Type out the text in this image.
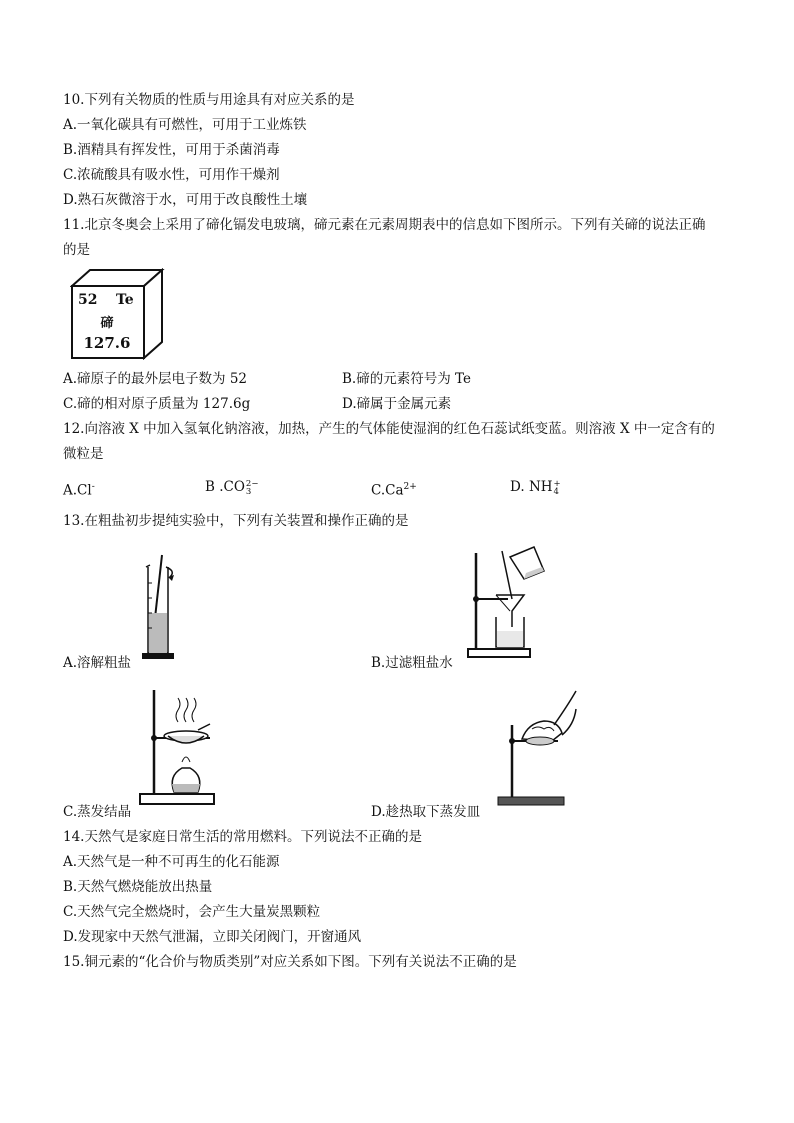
10.下列有关物质的性质与用途具有对应关系的是
A.一氧化碳具有可燃性，可用于工业炼铁
B.酒精具有挥发性，可用于杀菌消毒
C.浓硫酸具有吸水性，可用作干燥剂
D.熟石灰微溶于水，可用于改良酸性土壤
11.北京冬奥会上采用了碲化镉发电玻璃，碲元素在元素周期表中的信息如下图所示。下列有关碲的说法正确
的是
52 Te
碲
127.6
A.碲原子的最外层电子数为 52	B.碲的元素符号为 Te
C.碲的相对原子质量为 127.6g	D.碲属于金属元素
12.向溶液 X 中加入氢氧化钠溶液，加热，产生的气体能使湿润的红色石蕊试纸变蓝。则溶液 X 中一定含有的
微粒是
A.Cl-	B .CO 2−
3	$C.Ca^{2+}$	D. NH +
4
13.在粗盐初步提纯实验中，下列有关装置和操作正确的是
A.溶解粗盐	B.过滤粗盐水
C.蒸发结晶	D.趁热取下蒸发皿
14.天然气是家庭日常生活的常用燃料。下列说法不正确的是
A.天然气是一种不可再生的化石能源
B.天然气燃烧能放出热量
C.天然气完全燃烧时，会产生大量炭黑颗粒
D.发现家中天然气泄漏，立即关闭阀门，开窗通风
15.铜元素的“化合价与物质类别”对应关系如下图。下列有关说法不正确的是
